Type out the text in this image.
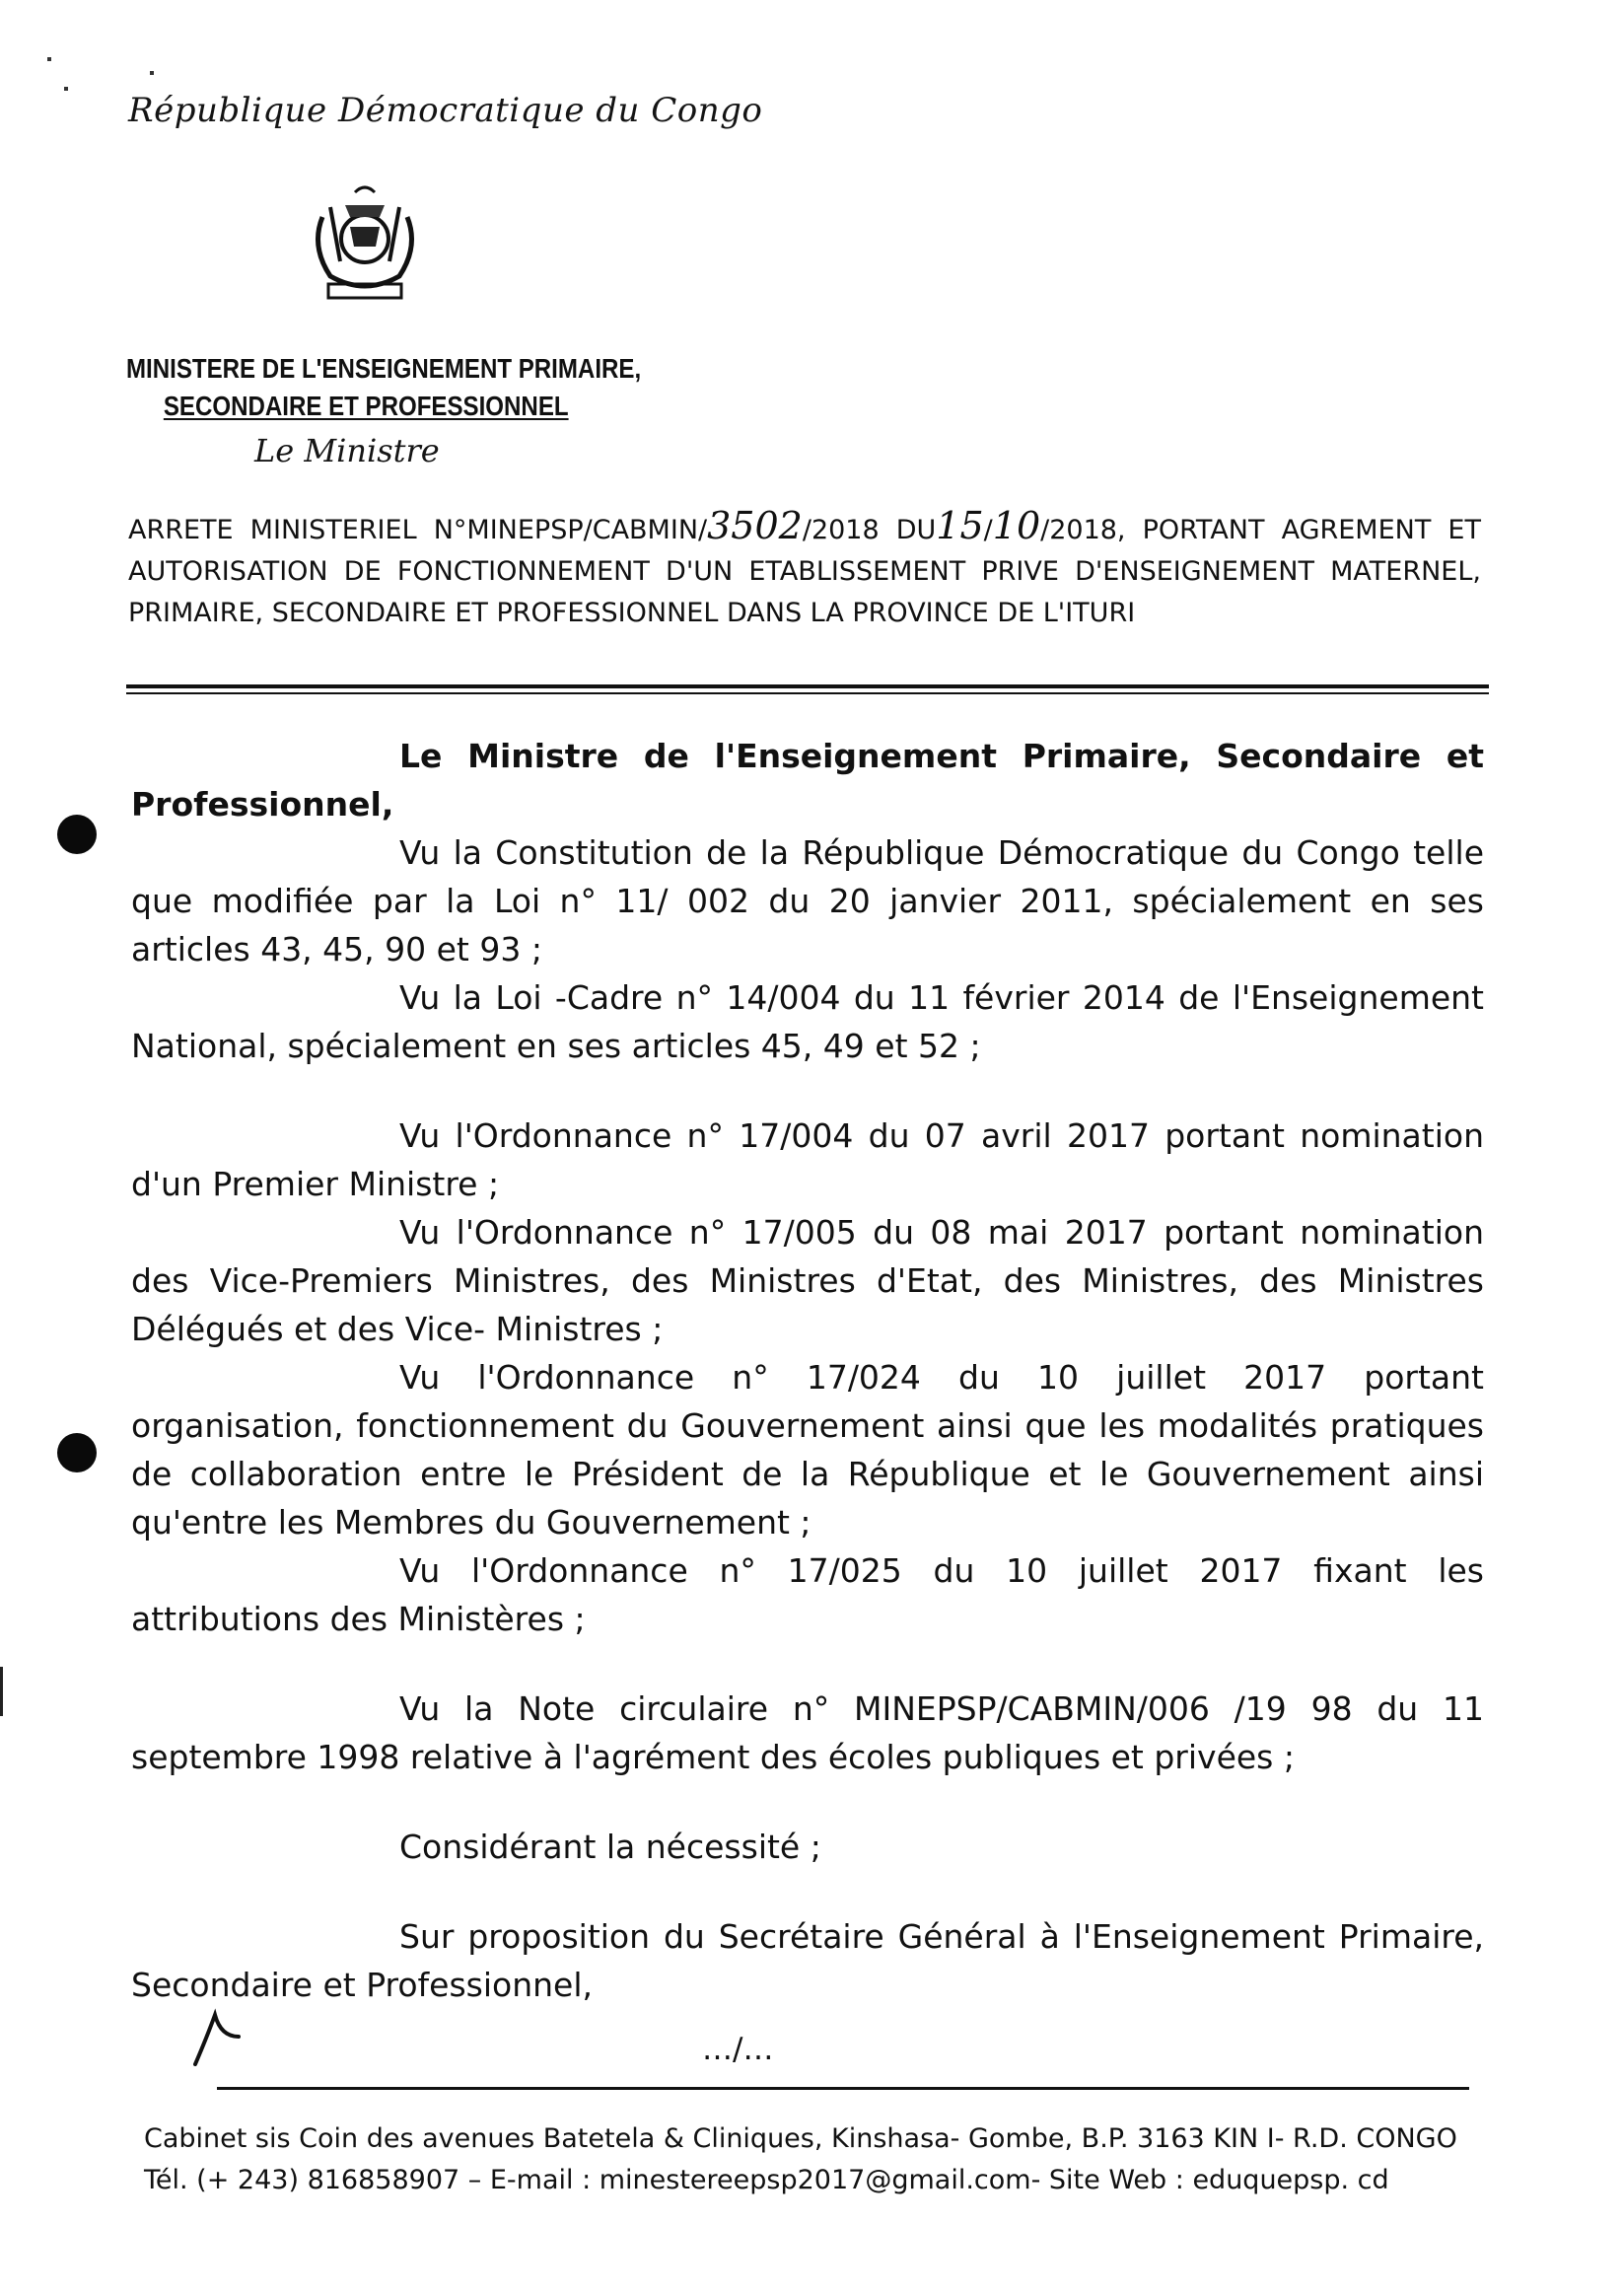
République Démocratique du Congo
MINISTERE DE L'ENSEIGNEMENT PRIMAIRE,
SECONDAIRE ET PROFESSIONNEL
Le Ministre
ARRETE MINISTERIEL N°MINEPSP/CABMIN/3502/2018 DU15/10/2018, PORTANT AGREMENT ET AUTORISATION DE FONCTIONNEMENT D'UN ETABLISSEMENT PRIVE D'ENSEIGNEMENT MATERNEL, PRIMAIRE, SECONDAIRE ET PROFESSIONNEL DANS LA PROVINCE DE L'ITURI

Le Ministre de l'Enseignement Primaire, Secondaire et Professionnel,

Vu la Constitution de la République Démocratique du Congo telle que modifiée par la Loi n° 11/ 002 du 20 janvier 2011, spécialement en ses articles 43, 45, 90 et 93 ;

Vu la Loi -Cadre n° 14/004 du 11 février 2014 de l'Enseignement National, spécialement en ses articles 45, 49 et 52 ;

Vu l'Ordonnance n° 17/004 du 07 avril 2017 portant nomination d'un Premier Ministre ;

Vu l'Ordonnance n° 17/005 du 08 mai 2017 portant nomination des Vice-Premiers Ministres, des Ministres d'Etat, des Ministres, des Ministres Délégués et des Vice- Ministres ;

Vu l'Ordonnance n° 17/024 du 10 juillet 2017 portant organisation, fonctionnement du Gouvernement ainsi que les modalités pratiques de collaboration entre le Président de la République et le Gouvernement ainsi qu'entre les Membres du Gouvernement ;

Vu l'Ordonnance n° 17/025 du 10 juillet 2017 fixant les attributions des Ministères ;

Vu la Note circulaire n° MINEPSP/CABMIN/006 /19 98 du 11 septembre 1998 relative à l'agrément des écoles publiques et privées ;

Considérant la nécessité ;

Sur proposition du Secrétaire Général à l'Enseignement Primaire, Secondaire et Professionnel,

…/…
Cabinet sis Coin des avenues Batetela & Cliniques, Kinshasa- Gombe, B.P. 3163 KIN I- R.D. CONGO
Tél. (+ 243) 816858907 – E-mail : minestereepsp2017@gmail.com- Site Web : eduquepsp. cd
